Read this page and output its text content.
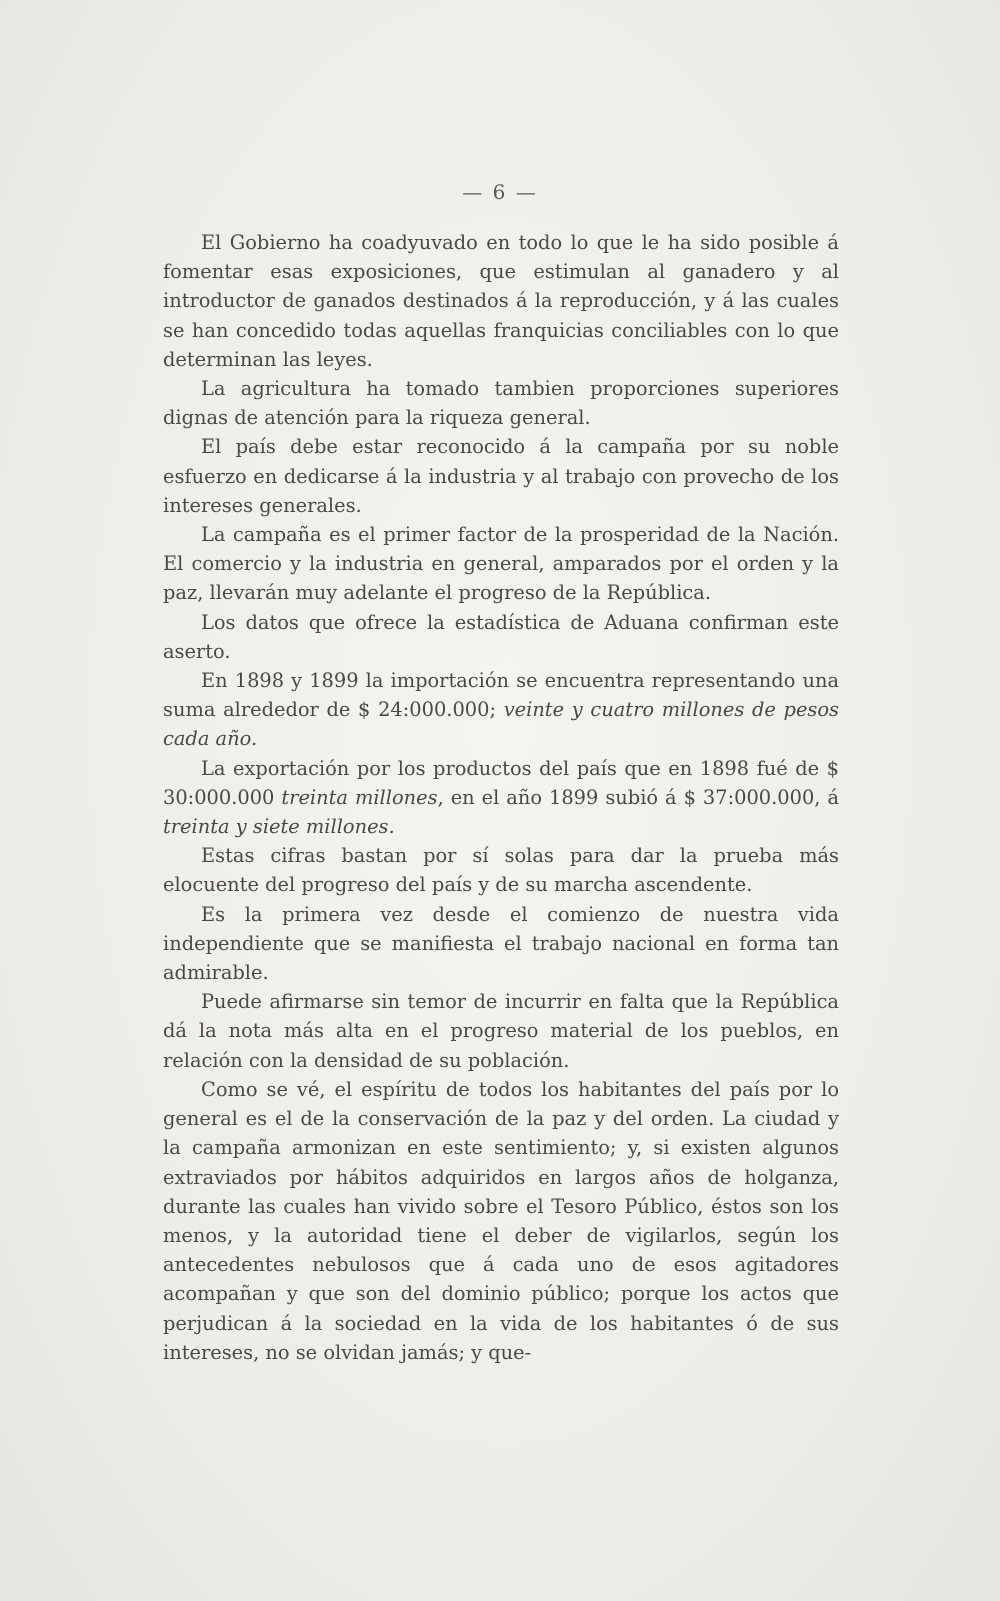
— 6 —

El Gobierno ha coadyuvado en todo lo que le ha sido posible á fomentar esas exposiciones, que estimulan al ganadero y al introductor de ganados destinados á la reproducción, y á las cuales se han concedido todas aquellas franquicias conciliables con lo que determinan las leyes.

La agricultura ha tomado tambien proporciones superiores dignas de atención para la riqueza general.

El país debe estar reconocido á la campaña por su noble esfuerzo en dedicarse á la industria y al trabajo con provecho de los intereses generales.

La campaña es el primer factor de la prosperidad de la Nación. El comercio y la industria en general, amparados por el orden y la paz, llevarán muy adelante el progreso de la República.

Los datos que ofrece la estadística de Aduana confirman este aserto.

En 1898 y 1899 la importación se encuentra representando una suma alrededor de $ 24:000.000; veinte y cuatro millones de pesos cada año.

La exportación por los productos del país que en 1898 fué de $ 30:000.000 treinta millones, en el año 1899 subió á $ 37:000.000, á treinta y siete millones.

Estas cifras bastan por sí solas para dar la prueba más elocuente del progreso del país y de su marcha ascendente.

Es la primera vez desde el comienzo de nuestra vida independiente que se manifiesta el trabajo nacional en forma tan admirable.

Puede afirmarse sin temor de incurrir en falta que la República dá la nota más alta en el progreso material de los pueblos, en relación con la densidad de su población.

Como se vé, el espíritu de todos los habitantes del país por lo general es el de la conservación de la paz y del orden. La ciudad y la campaña armonizan en este sentimiento; y, si existen algunos extraviados por hábitos adquiridos en largos años de holganza, durante las cuales han vivido sobre el Tesoro Público, éstos son los menos, y la autoridad tiene el deber de vigilarlos, según los antecedentes nebulosos que á cada uno de esos agitadores acompañan y que son del dominio público; porque los actos que perjudican á la sociedad en la vida de los habitantes ó de sus intereses, no se olvidan jamás; y que-
